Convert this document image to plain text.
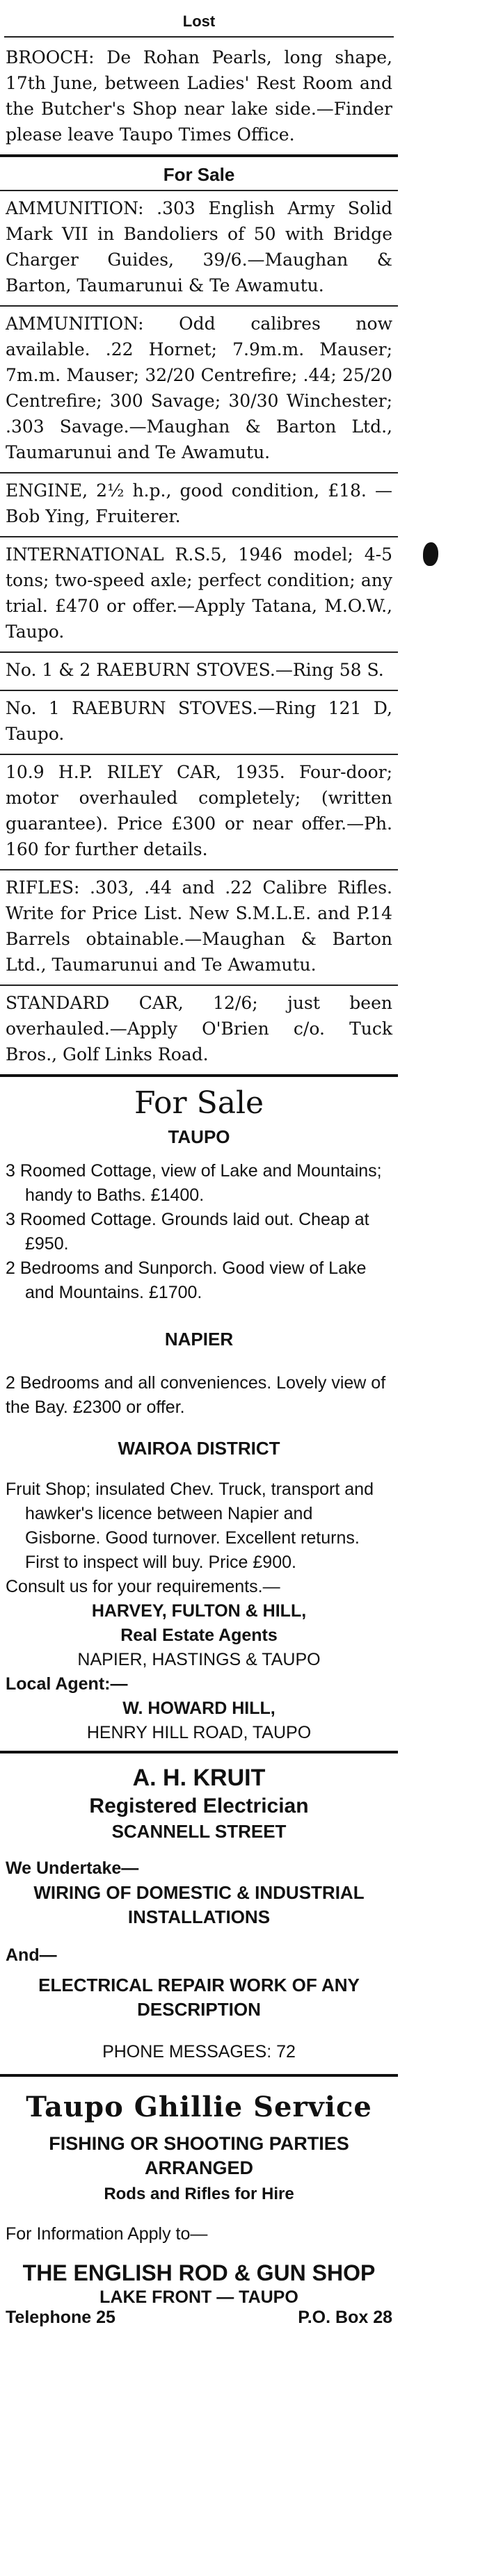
Lost
BROOCH: De Rohan Pearls, long shape, 17th June, between Ladies' Rest Room and the Butcher's Shop near lake side.—Finder please leave Taupo Times Office.
For Sale
AMMUNITION: .303 English Army Solid Mark VII in Bandoliers of 50 with Bridge Charger Guides, 39/6.—Maughan & Barton, Taumarunui & Te Awamutu.
AMMUNITION: Odd calibres now available. .22 Hornet; 7.9m.m. Mauser; 7m.m. Mauser; 32/20 Centrefire; .44; 25/20 Centrefire; 300 Savage; 30/30 Winchester; .303 Savage.—Maughan & Barton Ltd., Taumarunui and Te Awamutu.
ENGINE, 2½ h.p., good condition, £18. —Bob Ying, Fruiterer.
INTERNATIONAL R.S.5, 1946 model; 4-5 tons; two-speed axle; perfect condition; any trial. £470 or offer.—Apply Tatana, M.O.W., Taupo.
No. 1 & 2 RAEBURN STOVES.—Ring 58 S.
No. 1 RAEBURN STOVES.—Ring 121 D, Taupo.
10.9 H.P. RILEY CAR, 1935. Four-door; motor overhauled completely; (written guarantee). Price £300 or near offer.—Ph. 160 for further details.
RIFLES: .303, .44 and .22 Calibre Rifles. Write for Price List. New S.M.L.E. and P.14 Barrels obtainable.—Maughan & Barton Ltd., Taumarunui and Te Awamutu.
STANDARD CAR, 12/6; just been overhauled.—Apply O'Brien c/o. Tuck Bros., Golf Links Road.
For Sale
TAUPO
3 Roomed Cottage, view of Lake and Mountains; handy to Baths. £1400.
3 Roomed Cottage. Grounds laid out. Cheap at £950.
2 Bedrooms and Sunporch. Good view of Lake and Mountains. £1700.
NAPIER
2 Bedrooms and all conveniences. Lovely view of the Bay. £2300 or offer.
WAIROA DISTRICT
Fruit Shop; insulated Chev. Truck, transport and hawker's licence between Napier and Gisborne. Good turnover. Excellent returns. First to inspect will buy. Price £900.
Consult us for your requirements.—
HARVEY, FULTON & HILL,
Real Estate Agents
NAPIER, HASTINGS & TAUPO
Local Agent:—
W. HOWARD HILL,
HENRY HILL ROAD, TAUPO
A. H. KRUIT
Registered Electrician
SCANNELL STREET
We Undertake—
WIRING OF DOMESTIC & INDUSTRIAL INSTALLATIONS
And—
ELECTRICAL REPAIR WORK OF ANY DESCRIPTION
PHONE MESSAGES: 72
Taupo Ghillie Service
FISHING OR SHOOTING PARTIES
ARRANGED
Rods and Rifles for Hire
For Information Apply to—
THE ENGLISH ROD & GUN SHOP
LAKE FRONT — TAUPO
Telephone 25	P.O. Box 28
